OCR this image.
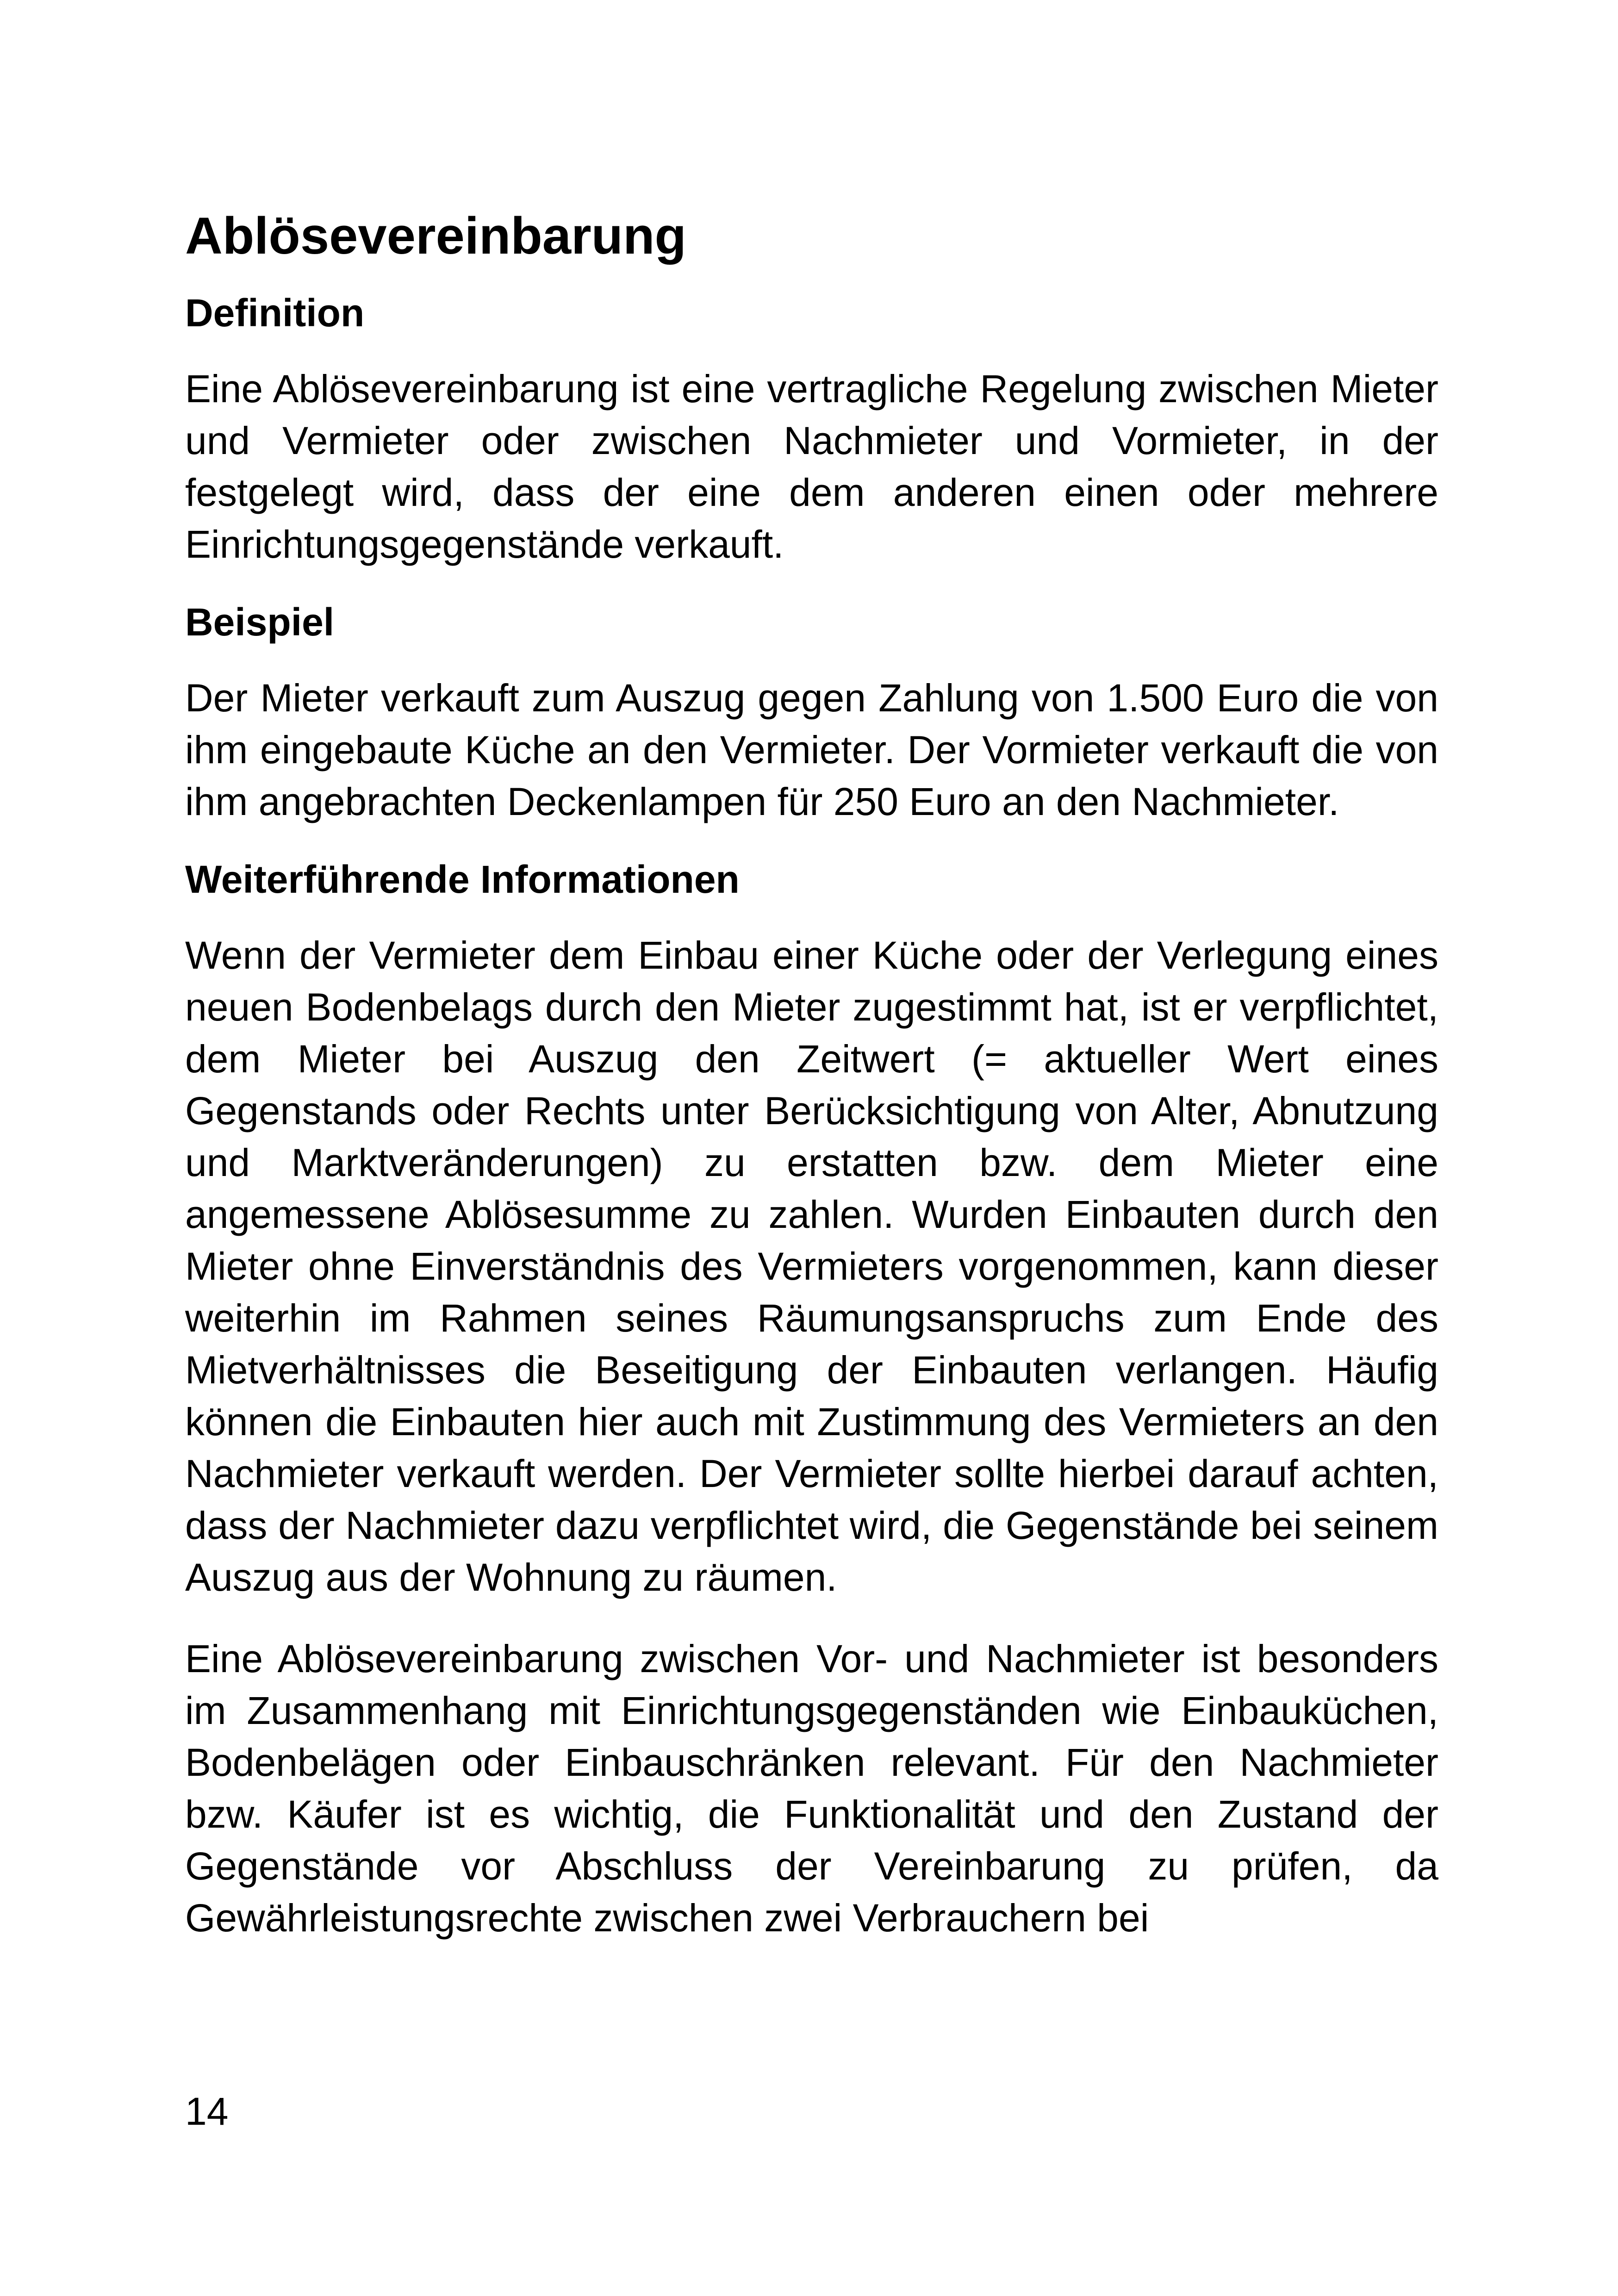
Ablösevereinbarung
Definition

Eine Ablösevereinbarung ist eine vertragliche Regelung zwischen Mieter und Vermieter oder zwischen Nachmieter und Vormieter, in der festgelegt wird, dass der eine dem anderen einen oder mehrere Einrichtungsgegenstände verkauft.

Beispiel

Der Mieter verkauft zum Auszug gegen Zahlung von 1.500 Euro die von ihm eingebaute Küche an den Vermieter. Der Vormieter verkauft die von ihm angebrachten Deckenlampen für 250 Euro an den Nachmieter.

Weiterführende Informationen

Wenn der Vermieter dem Einbau einer Küche oder der Verlegung eines neuen Bodenbelags durch den Mieter zugestimmt hat, ist er verpflichtet, dem Mieter bei Auszug den Zeitwert (= aktueller Wert eines Gegenstands oder Rechts unter Berücksichtigung von Alter, Abnutzung und Marktveränderungen) zu erstatten bzw. dem Mieter eine angemessene Ablösesumme zu zahlen. Wurden Einbauten durch den Mieter ohne Einverständnis des Vermieters vorgenommen, kann dieser weiterhin im Rahmen seines Räumungsanspruchs zum Ende des Mietverhältnisses die Beseitigung der Einbauten verlangen. Häufig können die Einbauten hier auch mit Zustimmung des Vermieters an den Nachmieter verkauft werden. Der Vermieter sollte hierbei darauf achten, dass der Nachmieter dazu verpflichtet wird, die Gegenstände bei seinem Auszug aus der Wohnung zu räumen.

Eine Ablösevereinbarung zwischen Vor- und Nachmieter ist besonders im Zusammenhang mit Einrichtungsgegenständen wie Einbauküchen, Bodenbelägen oder Einbauschränken relevant. Für den Nachmieter bzw. Käufer ist es wichtig, die Funktionalität und den Zustand der Gegenstände vor Abschluss der Vereinbarung zu prüfen, da Gewährleistungsrechte zwischen zwei Verbrauchern bei

14
